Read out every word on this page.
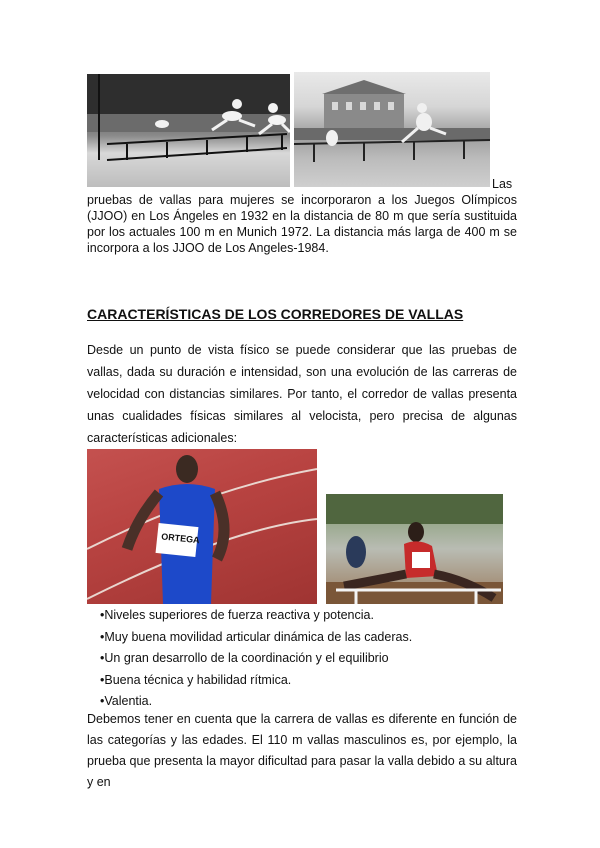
Las
pruebas de vallas para mujeres se incorporaron a los Juegos Olímpicos (JJOO) en Los Ángeles en 1932 en la distancia de 80 m que sería sustituida por los actuales 100 m en Munich 1972. La distancia más larga de 400 m se incorpora a los JJOO de Los Angeles-1984.
CARACTERÍSTICAS DE LOS CORREDORES DE VALLAS
Desde un punto de vista físico se puede considerar que las pruebas de vallas, dada su duración e intensidad, son una evolución de las carreras de velocidad con distancias similares. Por tanto, el corredor de vallas presenta unas cualidades físicas similares al velocista, pero precisa de algunas características adicionales:
ORTEGA
•Niveles superiores de fuerza reactiva y potencia.
•Muy buena movilidad articular dinámica de las caderas.
•Un gran desarrollo de la coordinación y el equilibrio
•Buena técnica y habilidad rítmica.
•Valentia.
Debemos tener en cuenta que la carrera de vallas es diferente en función de las categorías y las edades. El 110 m vallas masculinos es, por ejemplo, la prueba que presenta la mayor dificultad para pasar la valla debido a su altura y en
